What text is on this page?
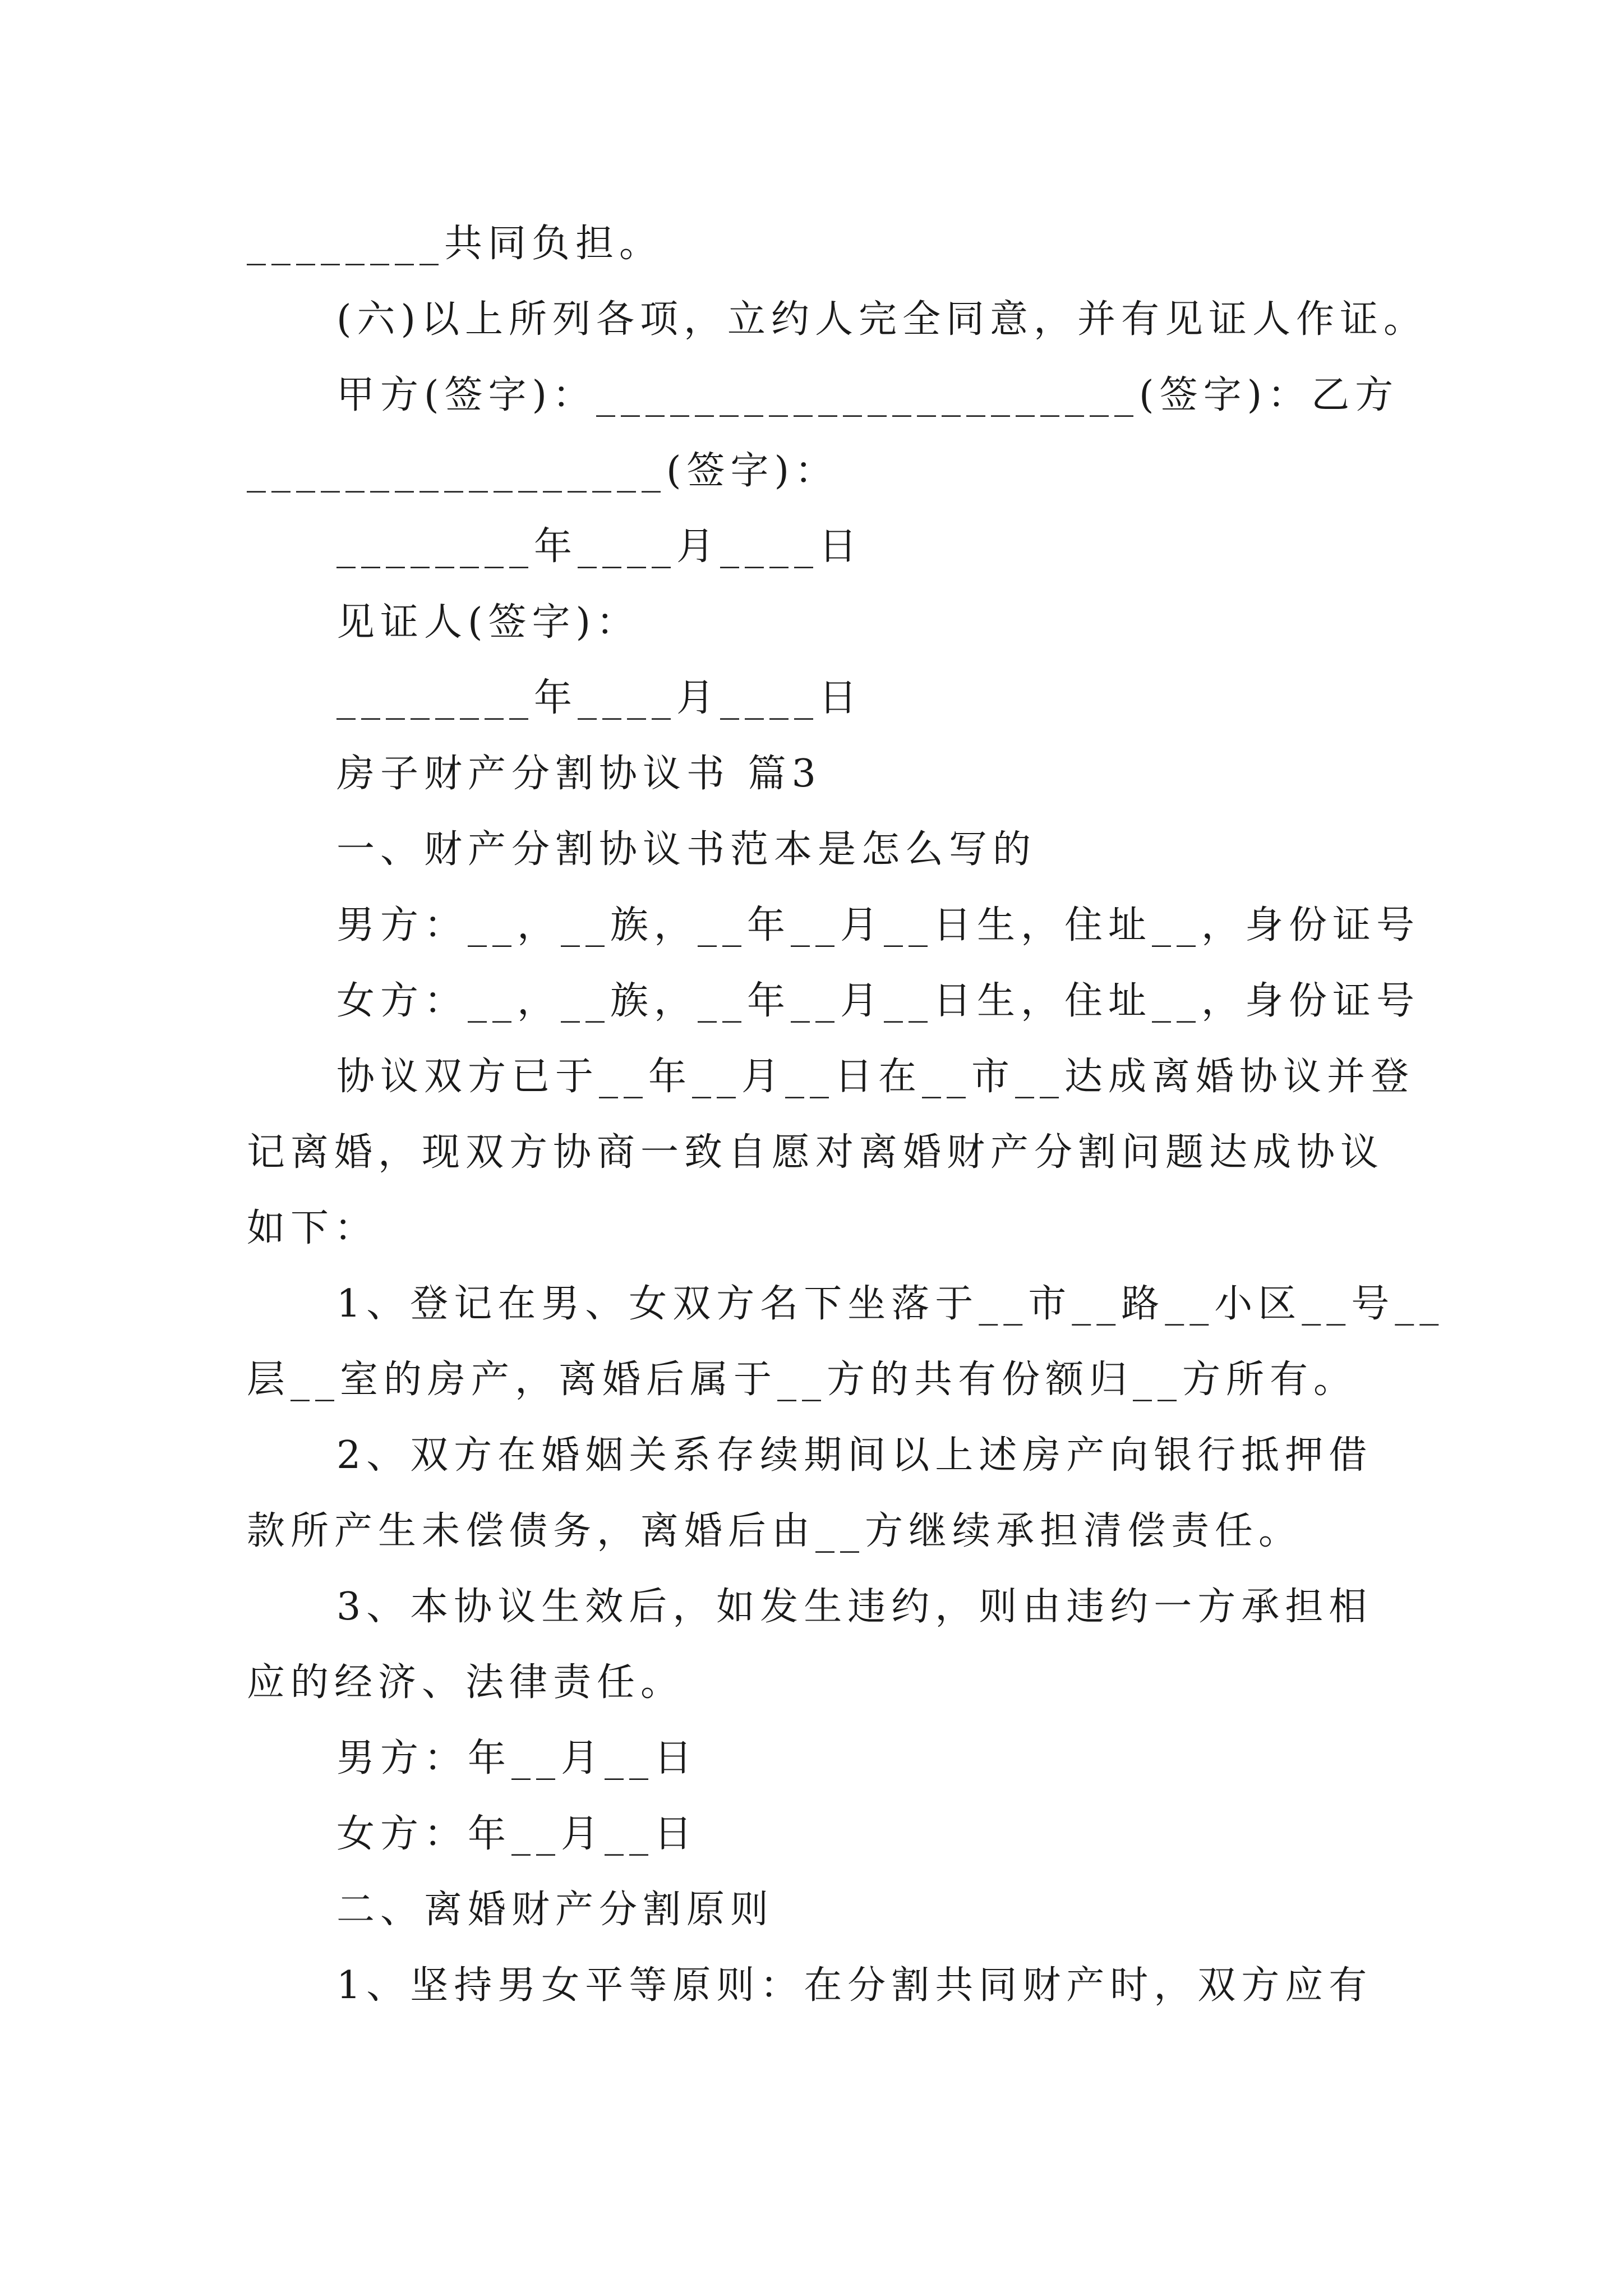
________共同负担。
(六)以上所列各项，立约人完全同意，并有见证人作证。
甲方(签字)：______________________(签字)：乙方
_________________(签字)：
________年____月____日
见证人(签字)：
________年____月____日
房子财产分割协议书 篇3
一、财产分割协议书范本是怎么写的
男方：__，__族，__年__月__日生，住址__，身份证号
女方：__，__族，__年__月__日生，住址__，身份证号
协议双方已于__年__月__日在__市__达成离婚协议并登
记离婚，现双方协商一致自愿对离婚财产分割问题达成协议
如下：
1、登记在男、女双方名下坐落于__市__路__小区__号__
层__室的房产，离婚后属于__方的共有份额归__方所有。
2、双方在婚姻关系存续期间以上述房产向银行抵押借
款所产生未偿债务，离婚后由__方继续承担清偿责任。
3、本协议生效后，如发生违约，则由违约一方承担相
应的经济、法律责任。
男方：年__月__日
女方：年__月__日
二、离婚财产分割原则
1、坚持男女平等原则：在分割共同财产时，双方应有
